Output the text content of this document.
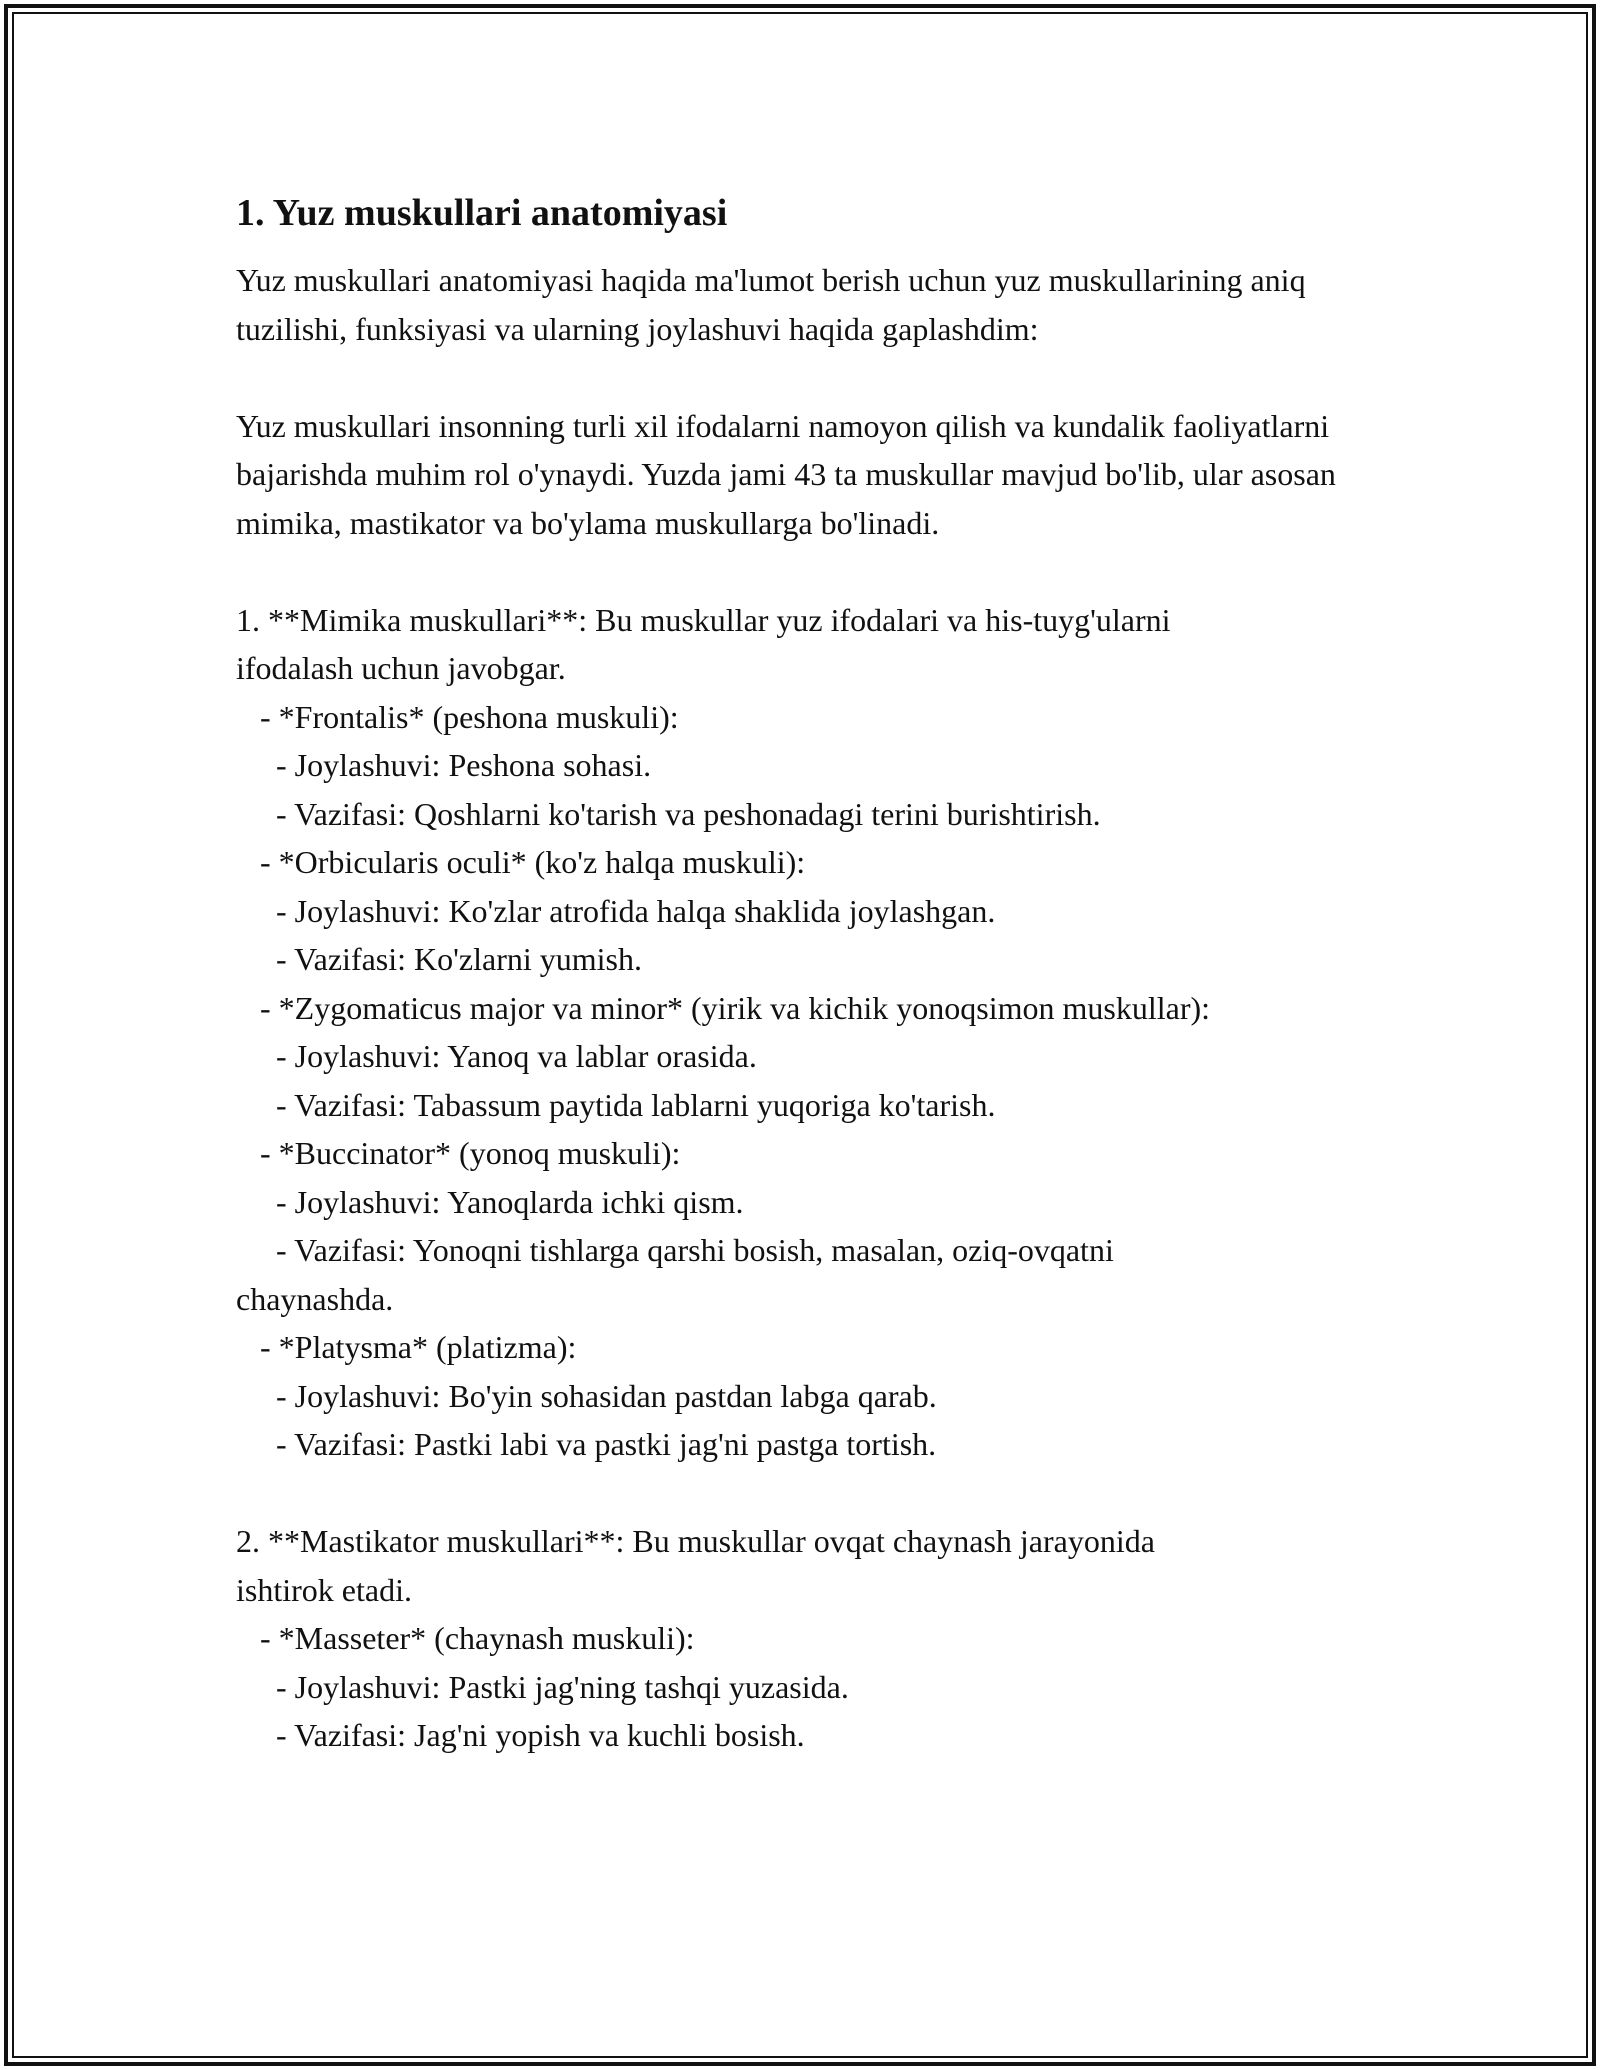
1. Yuz muskullari anatomiyasi

Yuz muskullari anatomiyasi haqida ma'lumot berish uchun yuz muskullarining aniq tuzilishi, funksiyasi va ularning joylashuvi haqida gaplashdim:

Yuz muskullari insonning turli xil ifodalarni namoyon qilish va kundalik faoliyatlarni bajarishda muhim rol o'ynaydi. Yuzda jami 43 ta muskullar mavjud bo'lib, ular asosan mimika, mastikator va bo'ylama muskullarga bo'linadi.

1. **Mimika muskullari**: Bu muskullar yuz ifodalari va his-tuyg'ularni
ifodalash uchun javobgar.
- *Frontalis* (peshona muskuli):
- Joylashuvi: Peshona sohasi.
- Vazifasi: Qoshlarni ko'tarish va peshonadagi terini burishtirish.
- *Orbicularis oculi* (ko'z halqa muskuli):
- Joylashuvi: Ko'zlar atrofida halqa shaklida joylashgan.
- Vazifasi: Ko'zlarni yumish.
- *Zygomaticus major va minor* (yirik va kichik yonoqsimon muskullar):
- Joylashuvi: Yanoq va lablar orasida.
- Vazifasi: Tabassum paytida lablarni yuqoriga ko'tarish.
- *Buccinator* (yonoq muskuli):
- Joylashuvi: Yanoqlarda ichki qism.
- Vazifasi: Yonoqni tishlarga qarshi bosish, masalan, oziq-ovqatni
chaynashda.
- *Platysma* (platizma):
- Joylashuvi: Bo'yin sohasidan pastdan labga qarab.
- Vazifasi: Pastki labi va pastki jag'ni pastga tortish.
2. **Mastikator muskullari**: Bu muskullar ovqat chaynash jarayonida
ishtirok etadi.
- *Masseter* (chaynash muskuli):
- Joylashuvi: Pastki jag'ning tashqi yuzasida.
- Vazifasi: Jag'ni yopish va kuchli bosish.
